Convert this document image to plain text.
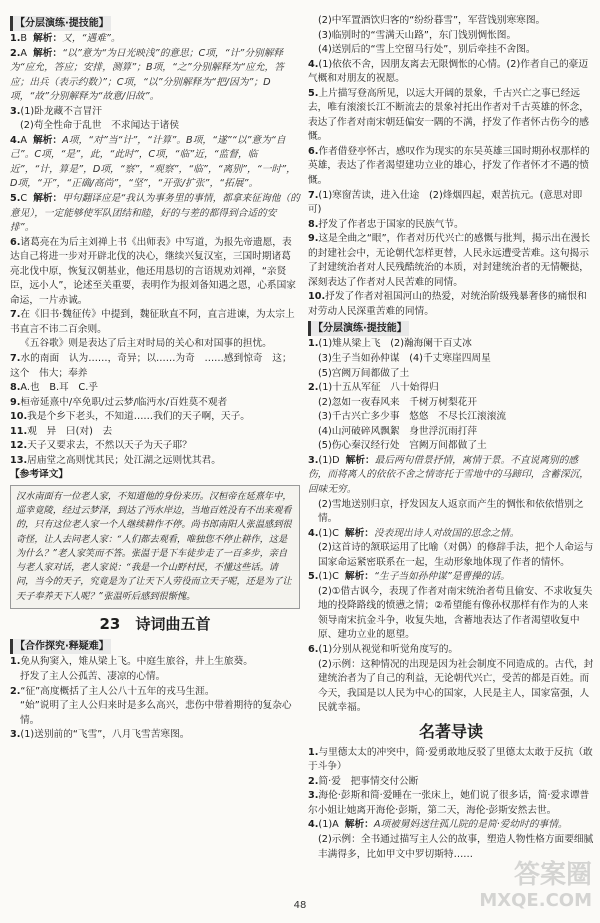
【分层演练·提技能】
1.B 解析：又，“遇难”。
2.A 解析：“以”意为“为日光映浅”的意思；C项，“计”分别解释为“应允，答应；安排，测算”；B项，“之”分别解释为“应允，答应；出兵（表示约数）”；C项，“以”分别解释为“把/因为”；D项，“故”分别解释为“故意/旧故”。
3.(1)卧龙藏不言冒汗
(2)苟全性命于乱世　不求闻达于诸侯
4.A 解析：A项，“对”当“计”，“计算”。B项，“遂”“以”意为“自己”。C项，“是”，此，“此时”，C项，“临”近，“监督，临近”，“计，算是”，D项，“察”，“观察”，“临”，“离别”，“一时”，D项，“开”，“正确/高尚”，“坚”，“开张/扩张”，“拓展”。
5.C 解析：甲句翻译应是“我认为事务里的事情，都拿来征询他（的意见），一定能够使军队团结和睦，好的与差的都得到合适的安排”。
6.诸葛亮在为后主刘禅上书《出师表》中写道，为报先帝遗愿，表达自己将进一步对开辟北伐的决心，继续兴复汉室，三国时期诸葛亮北伐中原，恢复汉朝基业，他还用恳切的言语规劝刘禅，“亲贤臣，远小人”，论述至关重要，表明作为报刘备知遇之恩，心系国家命运，一片赤诚。
7.在《旧书·魏征传》中提到，魏征耿直不阿，直言进谏，为太宗上书直言不讳二百余则。
《五谷歌》则是表达了后主对时局的关心和对国事的担忧。
7.水的南面　认为……，奇异；以……为奇　……感到惊奇　这；这个　伟大；奉养
8.A.也　B.耳　C.乎
9.桓帝延熹中/卒免职/过云梦/临沔水/百姓莫不观者
10.我是个乡下老头，不知道……我们的天子啊，天子。
11.观　异　曰(对)　去
12.天子又要求去，不然以天子为天子耶？
13.居庙堂之高则忧其民；处江湖之远则忧其君。
【参考译文】
汉水南面有一位老人家，不知道他的身份来历。汉桓帝在延熹年中，巡幸竟陵，经过云梦泽，到达了沔水岸边，当地百姓没有不出来观看的，只有这位老人家一个人继续耕作不停。尚书郎南阳人张温感到很奇怪，让人去问老人家：“人们都去观看，唯独您不停止耕作，这是为什么？”老人家笑而不答。张温于是下车徒步走了一百多步，亲自与老人家对话，老人家说：“我是一个山野村民，不懂这些话。请问，当今的天子，究竟是为了让天下人劳役而立天子呢，还是为了让天子奉养天下人呢？”张温听后感到很惭愧。
23 诗词曲五首
【合作探究·释疑难】
1.免从狗窦入，雉从梁上飞。中庭生旅谷，井上生旅葵。
抒发了主人公孤苦、凄凉的心情。
2.“征”高度概括了主人公八十五年的戎马生涯。
“始”说明了主人公归来时是多么高兴，悲伤中带着期待的复杂心情。
3.(1)送别前的“飞雪”，八月飞雪苦寒图。
(2)中军置酒饮归客的“纷纷暮雪”，军营饯别寒寒图。
(3)临别时的“雪满天山路”，东门饯别惆怅图。
(4)送别后的“雪上空留马行处”，别后牵挂不舍图。
4.(1)依依不舍，因朋友离去无限惆怅的心情。(2)作者自己的豪迈气概和对朋友的祝愿。
5.上片描写登高所见，以远大开阔的景象，千古兴亡之事已经远去，唯有滚滚长江不断流去的景象衬托出作者对千古英雄的怀念，表达了作者对南宋朝廷偏安一隅的不满，抒发了作者怀古伤今的感慨。
6.作者借登亭怀古，感叹作为现实的东吴英雄三国时期孙权那样的英雄，表达了作者渴望建功立业的雄心，抒发了作者怀才不遇的愤慨。
7.(1)寒窗苦读，进入仕途　(2)烽烟四起，艰苦抗元。(意思对即可)
8.抒发了作者忠于国家的民族气节。
9.这是全曲之“眼”，作者对历代兴亡的感慨与批判，揭示出在漫长的封建社会中，无论朝代怎样更替，人民永远遭受苦难。这句揭示了封建统治者对人民残酷统治的本质，对封建统治者的无情鞭挞，深刻表达了作者对人民苦难的同情。
10.抒发了作者对祖国河山的热爱，对统治阶级残暴奢侈的痛恨和对劳动人民深重苦难的同情。
【分层演练·提技能】
1.(1)雉从梁上飞　(2)瀚海阑干百丈冰
(3)生子当如孙仲谋　(4)千丈寒崖四周星
(5)宫阙万间都做了土
2.(1)十五从军征　八十始得归
(2)忽如一夜春风来　千树万树梨花开
(3)千古兴亡多少事　悠悠　不尽长江滚滚流
(4)山河破碎风飘絮　身世浮沉雨打萍
(5)伤心秦汉经行处　宫阙万间都做了土
3.(1)D 解析：最后两句借景抒情，寓情于景。不直说离别的感伤，而将离人的依依不舍之情寄托于雪地中的马蹄印，含蓄深沉，回味无穷。
(2)雪地送别归京，抒发因友人返京而产生的惆怅和依依惜别之情。
4.(1)C 解析：没表现出诗人对故国的思念之情。
(2)这首诗的颔联运用了比喻（对偶）的修辞手法，把个人命运与国家命运紧密联系在一起，生动形象地体现了作者的情怀。
5.(1)C 解析：“生子当如孙仲谋”是曹操的话。
(2)①借古讽今，表现了作者对南宋统治者苟且偷安、不求收复失地的投降路线的愤懑之情；②希望能有像孙权那样有作为的人来领导南宋抗金斗争，收复失地，含蓄地表达了作者渴望收复中原、建功立业的愿望。
6.(1)分别从视觉和听觉角度写的。
(2)示例：这种情况的出现是因为社会制度不同造成的。古代，封建统治者为了自己的利益，无论朝代兴亡，受苦的都是百姓。而今天，我国是以人民为中心的国家，人民是主人，国家富强，人民就幸福。
名著导读
1.与里德太太的冲突中，简·爱勇敢地反驳了里德太太敢于反抗（敢于斗争）
2.简·爱　把事情交付公断
3.海伦·彭斯和简·爱睡在一张床上，她们说了很多话，简·爱求谭普尔小姐让她离开海伦·彭斯，第二天，海伦·彭斯安然去世。
4.(1)A 解析：A项被舅妈送往孤儿院的是简·爱幼时的事情。
(2)示例：全书通过描写主人公的故事，塑造人物性格方面要细腻丰满得多，比如甲文中罗切斯特……
48
答案圈
MXQE.COM
